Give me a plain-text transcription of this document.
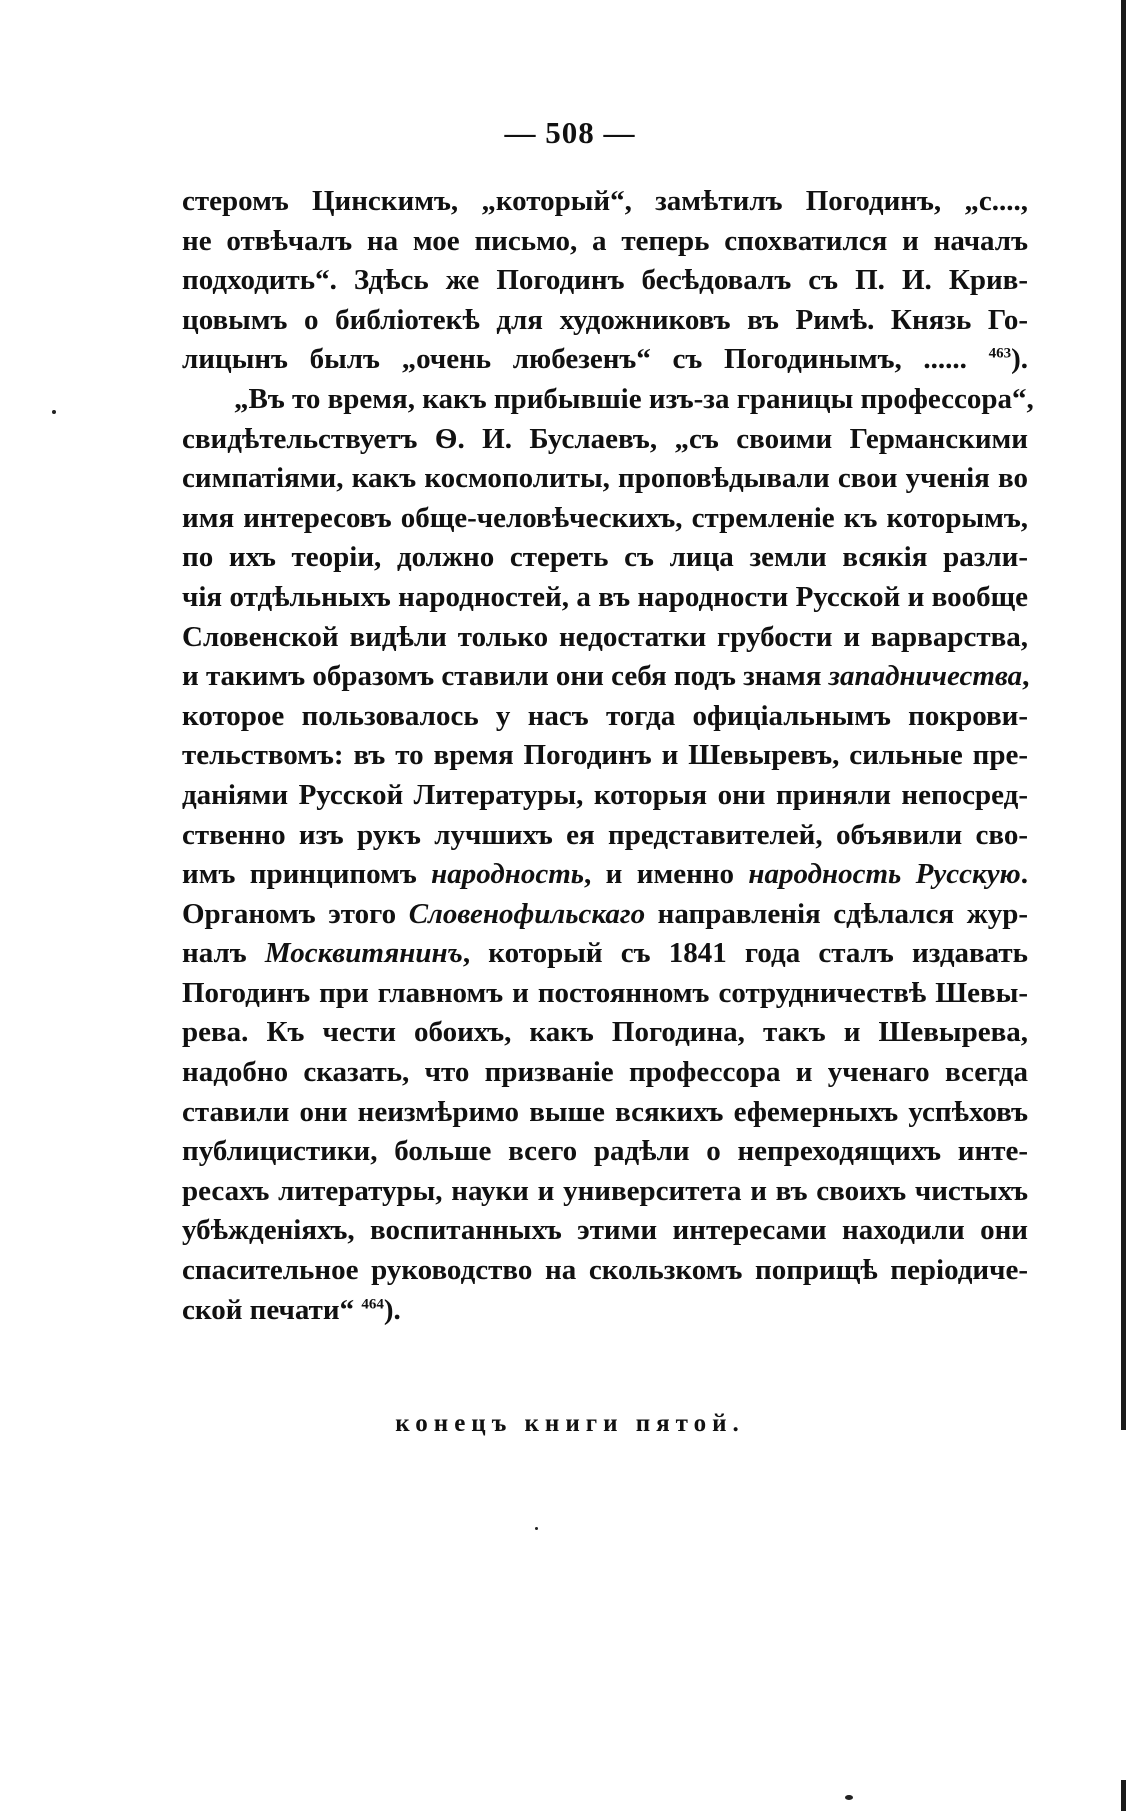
— 508 —
стеромъ Цинскимъ, „который“, замѣтилъ Погодинъ, „с....,
не отвѣчалъ на мое письмо, а теперь спохватился и началъ
подходить“. Здѣсь же Погодинъ бесѣдовалъ съ П. И. Крив-
цовымъ о библіотекѣ для художниковъ въ Римѣ. Князь Го-
лицынъ былъ „очень любезенъ“ съ Погодинымъ, ...... $^{463}$).
„Въ то время, какъ прибывшіе изъ-за границы профессора“,
свидѣтельствуетъ Ѳ. И. Буслаевъ, „съ своими Германскими
симпатіями, какъ космополиты, проповѣдывали свои ученія во
имя интересовъ обще-человѣческихъ, стремленіе къ которымъ,
по ихъ теоріи, должно стереть съ лица земли всякія разли-
чія отдѣльныхъ народностей, а въ народности Русской и вообще
Словенской видѣли только недостатки грубости и варварства,
и такимъ образомъ ставили они себя подъ знамя западничества,
которое пользовалось у насъ тогда офиціальнымъ покрови-
тельствомъ: въ то время Погодинъ и Шевыревъ, сильные пре-
даніями Русской Литературы, которыя они приняли непосред-
ственно изъ рукъ лучшихъ ея представителей, объявили сво-
имъ принципомъ народность, и именно народность Русскую.
Органомъ этого Словенофильскаго направленія сдѣлался жур-
налъ Москвитянинъ, который съ 1841 года сталъ издавать
Погодинъ при главномъ и постоянномъ сотрудничествѣ Шевы-
рева. Къ чести обоихъ, какъ Погодина, такъ и Шевырева,
надобно сказать, что призваніе профессора и ученаго всегда
ставили они неизмѣримо выше всякихъ ефемерныхъ успѣховъ
публицистики, больше всего радѣли о непреходящихъ инте-
ресахъ литературы, науки и университета и въ своихъ чистыхъ
убѣжденіяхъ, воспитанныхъ этими интересами находили они
спасительное руководство на скользкомъ поприщѣ періодиче-
ской печати“ $^{464}$).
конецъ книги пятой.
